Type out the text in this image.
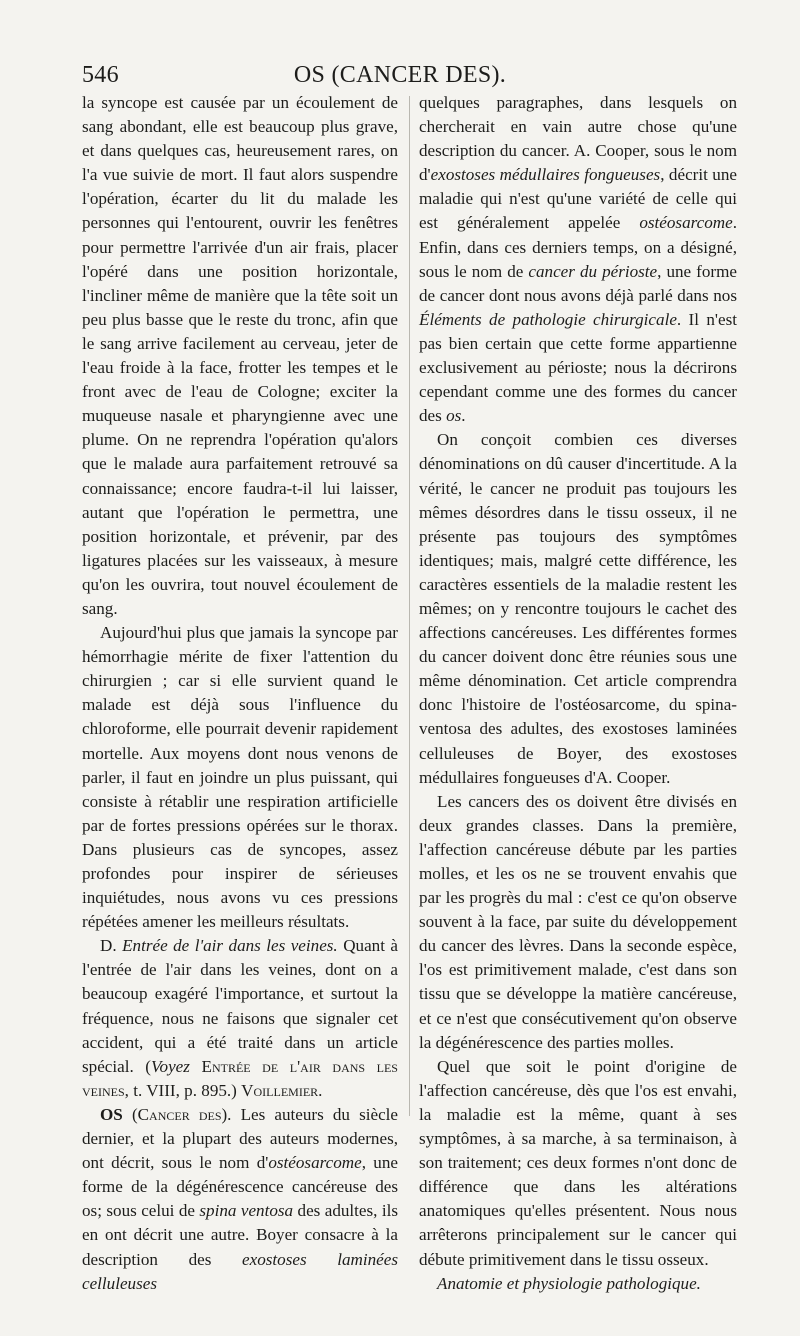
546	OS (CANCER DES).

la syncope est causée par un écoulement de sang abondant, elle est beaucoup plus grave, et dans quelques cas, heureusement rares, on l'a vue suivie de mort. Il faut alors suspendre l'opération, écarter du lit du malade les personnes qui l'entourent, ouvrir les fenêtres pour permettre l'arrivée d'un air frais, placer l'opéré dans une position horizontale, l'incliner même de manière que la tête soit un peu plus basse que le reste du tronc, afin que le sang arrive facilement au cerveau, jeter de l'eau froide à la face, frotter les tempes et le front avec de l'eau de Cologne; exciter la muqueuse nasale et pharyngienne avec une plume. On ne reprendra l'opération qu'alors que le malade aura parfaitement retrouvé sa connaissance; encore faudra-t-il lui laisser, autant que l'opération le permettra, une position horizontale, et prévenir, par des ligatures placées sur les vaisseaux, à mesure qu'on les ouvrira, tout nouvel écoulement de sang.

Aujourd'hui plus que jamais la syncope par hémorrhagie mérite de fixer l'attention du chirurgien ; car si elle survient quand le malade est déjà sous l'influence du chloroforme, elle pourrait devenir rapidement mortelle. Aux moyens dont nous venons de parler, il faut en joindre un plus puissant, qui consiste à rétablir une respiration artificielle par de fortes pressions opérées sur le thorax. Dans plusieurs cas de syncopes, assez profondes pour inspirer de sérieuses inquiétudes, nous avons vu ces pressions répétées amener les meilleurs résultats.

D. Entrée de l'air dans les veines. Quant à l'entrée de l'air dans les veines, dont on a beaucoup exagéré l'importance, et surtout la fréquence, nous ne faisons que signaler cet accident, qui a été traité dans un article spécial. (Voyez Entrée de l'air dans les veines, t. VIII, p. 895.) Voillemier.

OS (Cancer des). Les auteurs du siècle dernier, et la plupart des auteurs modernes, ont décrit, sous le nom d'ostéosarcome, une forme de la dégénérescence cancéreuse des os; sous celui de spina ventosa des adultes, ils en ont décrit une autre. Boyer consacre à la description des exostoses laminées celluleuses

quelques paragraphes, dans lesquels on chercherait en vain autre chose qu'une description du cancer. A. Cooper, sous le nom d'exostoses médullaires fongueuses, décrit une maladie qui n'est qu'une variété de celle qui est généralement appelée ostéosarcome. Enfin, dans ces derniers temps, on a désigné, sous le nom de cancer du périoste, une forme de cancer dont nous avons déjà parlé dans nos Éléments de pathologie chirurgicale. Il n'est pas bien certain que cette forme appartienne exclusivement au périoste; nous la décrirons cependant comme une des formes du cancer des os.

On conçoit combien ces diverses dénominations on dû causer d'incertitude. A la vérité, le cancer ne produit pas toujours les mêmes désordres dans le tissu osseux, il ne présente pas toujours des symptômes identiques; mais, malgré cette différence, les caractères essentiels de la maladie restent les mêmes; on y rencontre toujours le cachet des affections cancéreuses. Les différentes formes du cancer doivent donc être réunies sous une même dénomination. Cet article comprendra donc l'histoire de l'ostéosarcome, du spina-ventosa des adultes, des exostoses laminées celluleuses de Boyer, des exostoses médullaires fongueuses d'A. Cooper.

Les cancers des os doivent être divisés en deux grandes classes. Dans la première, l'affection cancéreuse débute par les parties molles, et les os ne se trouvent envahis que par les progrès du mal : c'est ce qu'on observe souvent à la face, par suite du développement du cancer des lèvres. Dans la seconde espèce, l'os est primitivement malade, c'est dans son tissu que se développe la matière cancéreuse, et ce n'est que consécutivement qu'on observe la dégénérescence des parties molles.

Quel que soit le point d'origine de l'affection cancéreuse, dès que l'os est envahi, la maladie est la même, quant à ses symptômes, à sa marche, à sa terminaison, à son traitement; ces deux formes n'ont donc de différence que dans les altérations anatomiques qu'elles présentent. Nous nous arrêterons principalement sur le cancer qui débute primitivement dans le tissu osseux.

Anatomie et physiologie pathologique.
